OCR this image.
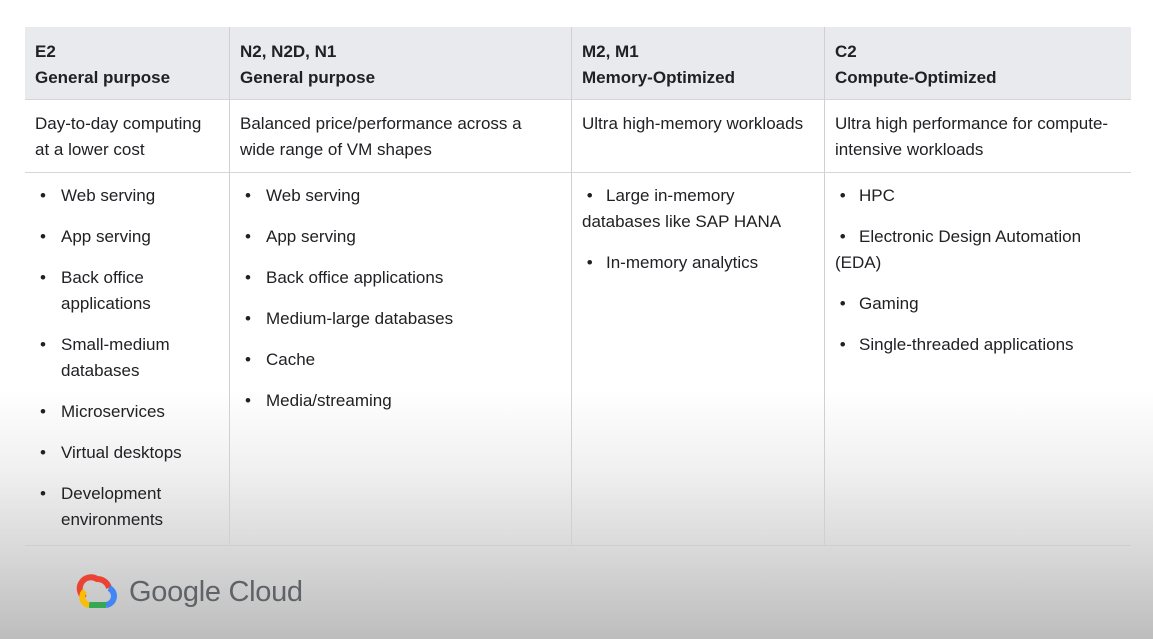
E2
General purpose
N2, N2D, N1
General purpose
M2, M1
Memory-Optimized
C2
Compute-Optimized
Day-to-day computing at a lower cost
Balanced price/performance across a wide range of VM shapes
Ultra high-memory workloads	Ultra high performance for compute-intensive workloads
• Web serving
• App serving
• Back office applications
• Small-medium databases
• Microservices
• Virtual desktops
• Development environments
• Web serving
• App serving
• Back office applications
• Medium-large databases
• Cache
• Media/streaming
• Large in-memory databases like SAP HANA
• In-memory analytics
• HPC
• Electronic Design Automation (EDA)
• Gaming
• Single-threaded applications
Google Cloud
